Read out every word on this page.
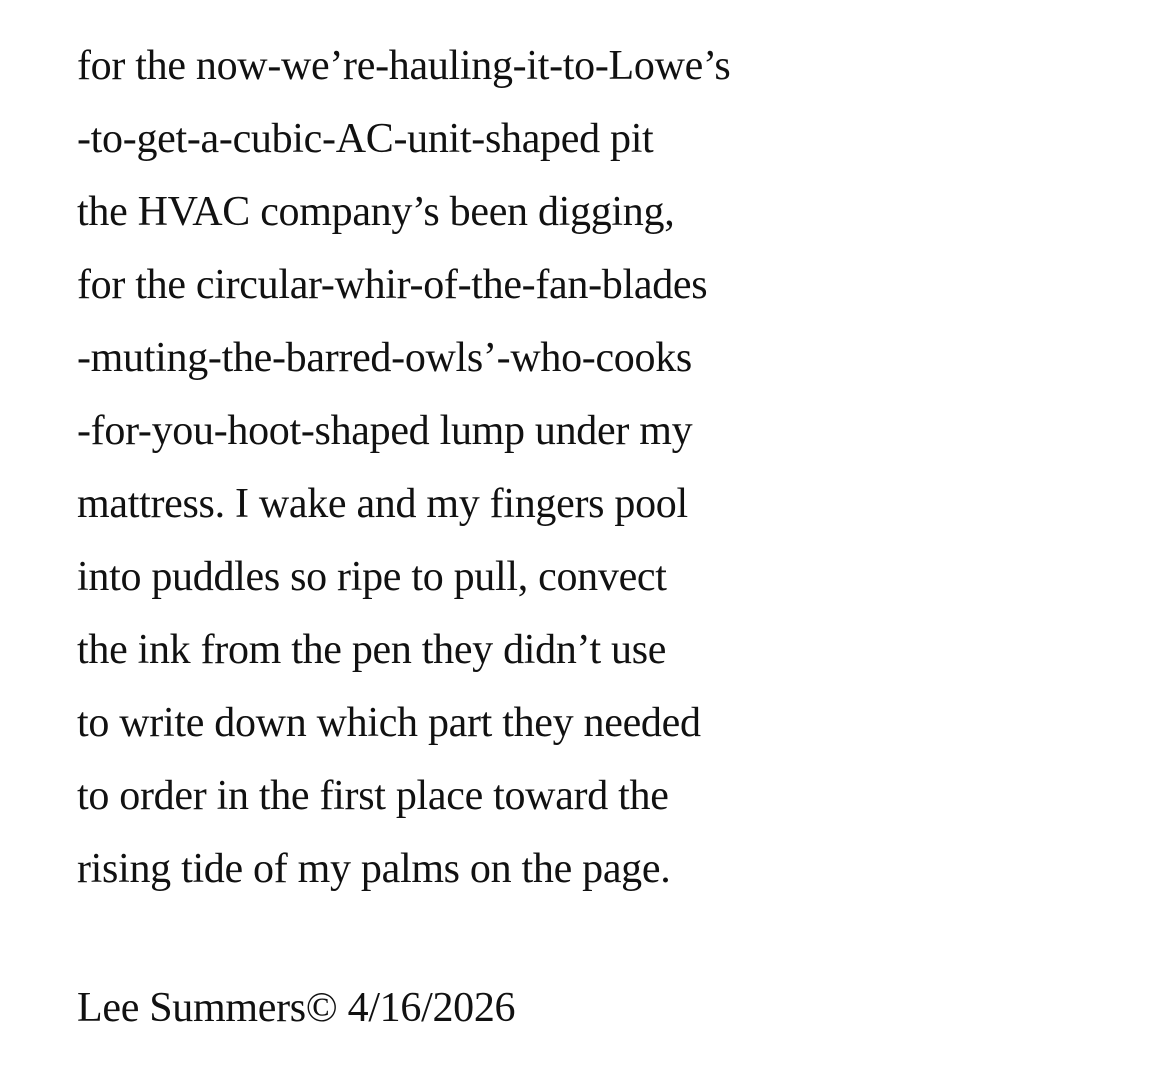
for the now-we’re-hauling-it-to-Lowe’s
-to-get-a-cubic-AC-unit-shaped pit
the HVAC company’s been digging,
for the circular-whir-of-the-fan-blades
-muting-the-barred-owls’-who-cooks
-for-you-hoot-shaped lump under my
mattress. I wake and my fingers pool
into puddles so ripe to pull, convect
the ink from the pen they didn’t use
to write down which part they needed
to order in the first place toward the
rising tide of my palms on the page.
Lee Summers© 4/16/2026
